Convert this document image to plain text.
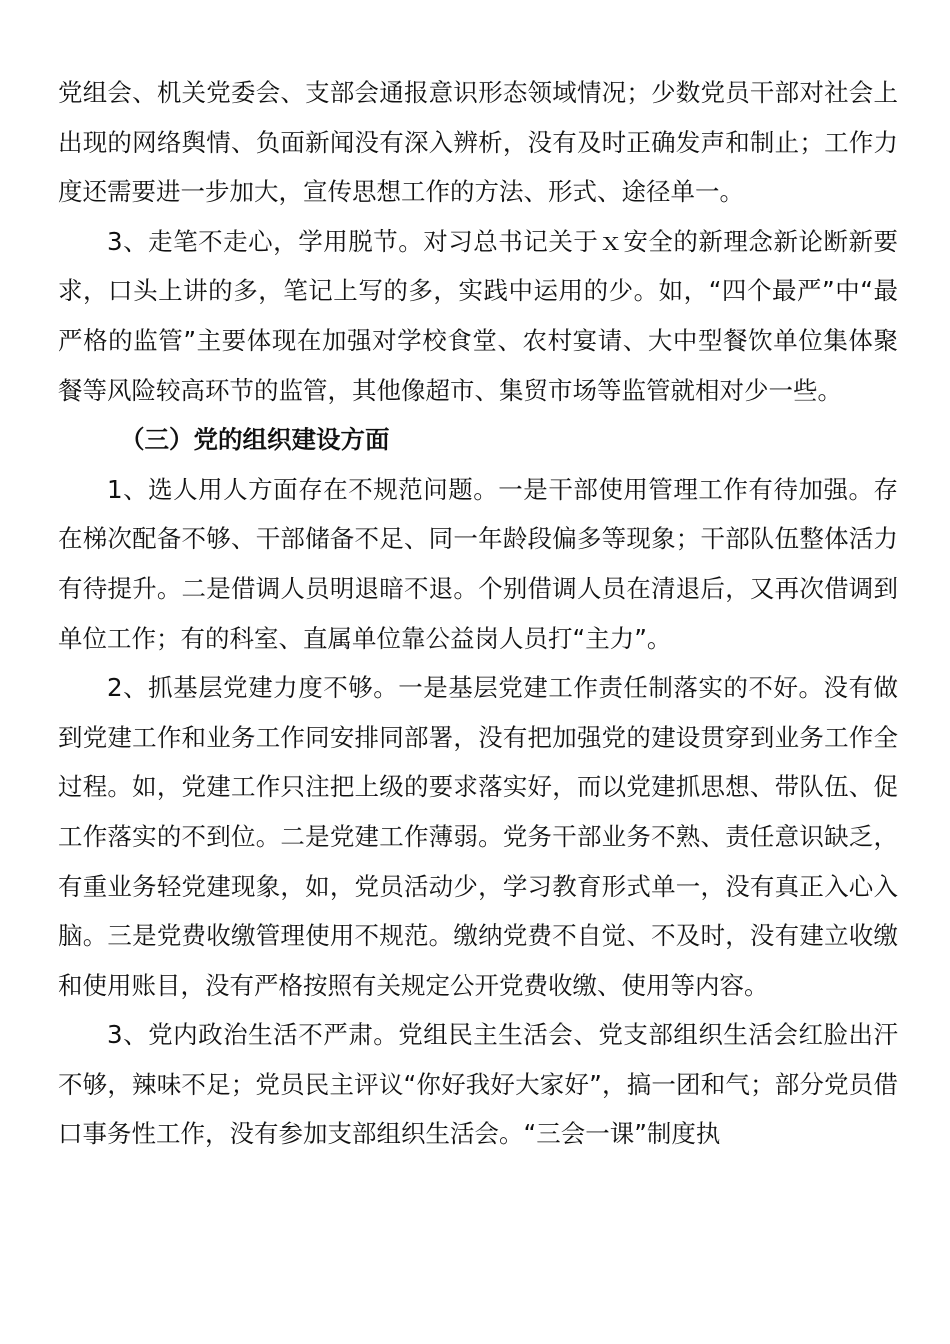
党组会、机关党委会、支部会通报意识形态领域情况；少数党员干部对社会上出现的网络舆情、负面新闻没有深入辨析，没有及时正确发声和制止；工作力度还需要进一步加大，宣传思想工作的方法、形式、途径单一。

3、走笔不走心，学用脱节。对习总书记关于ｘ安全的新理念新论断新要求，口头上讲的多，笔记上写的多，实践中运用的少。如，“四个最严”中“最严格的监管”主要体现在加强对学校食堂、农村宴请、大中型餐饮单位集体聚餐等风险较高环节的监管，其他像超市、集贸市场等监管就相对少一些。

（三）党的组织建设方面

1、选人用人方面存在不规范问题。一是干部使用管理工作有待加强。存在梯次配备不够、干部储备不足、同一年龄段偏多等现象；干部队伍整体活力有待提升。二是借调人员明退暗不退。个别借调人员在清退后，又再次借调到单位工作；有的科室、直属单位靠公益岗人员打“主力”。

2、抓基层党建力度不够。一是基层党建工作责任制落实的不好。没有做到党建工作和业务工作同安排同部署，没有把加强党的建设贯穿到业务工作全过程。如，党建工作只注把上级的要求落实好，而以党建抓思想、带队伍、促工作落实的不到位。二是党建工作薄弱。党务干部业务不熟、责任意识缺乏，有重业务轻党建现象，如，党员活动少，学习教育形式单一，没有真正入心入脑。三是党费收缴管理使用不规范。缴纳党费不自觉、不及时，没有建立收缴和使用账目，没有严格按照有关规定公开党费收缴、使用等内容。

3、党内政治生活不严肃。党组民主生活会、党支部组织生活会红脸出汗不够，辣味不足；党员民主评议“你好我好大家好”，搞一团和气；部分党员借口事务性工作，没有参加支部组织生活会。“三会一课”制度执
